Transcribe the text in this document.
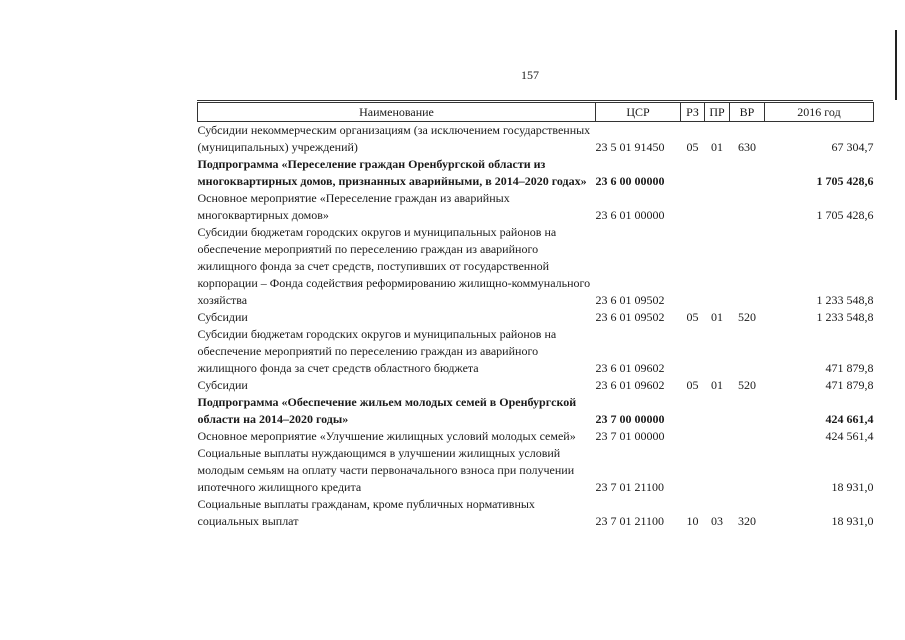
157
Наименование	ЦСР	РЗ	ПР	ВР	2016 год
Субсидии некоммерческим организациям (за исключением государственных (муниципальных) учреждений)	23 5 01 91450	05	01	630	67 304,7
Подпрограмма «Переселение граждан Оренбургской области из многоквартирных домов, признанных аварийными, в 2014–2020 годах»	23 6 00 00000				1 705 428,6
Основное мероприятие «Переселение граждан из аварийных многоквартирных домов»	23 6 01 00000				1 705 428,6
Субсидии бюджетам городских округов и муниципальных районов на обеспечение мероприятий по переселению граждан из аварийного жилищного фонда за счет средств, поступивших от государственной корпорации – Фонда содействия реформированию жилищно-коммунального хозяйства	23 6 01 09502				1 233 548,8
Субсидии	23 6 01 09502	05	01	520	1 233 548,8
Субсидии бюджетам городских округов и муниципальных районов на обеспечение мероприятий по переселению граждан из аварийного жилищного фонда за счет средств областного бюджета	23 6 01 09602				471 879,8
Субсидии	23 6 01 09602	05	01	520	471 879,8
Подпрограмма «Обеспечение жильем молодых семей в Оренбургской области на 2014–2020 годы»	23 7 00 00000				424 661,4
Основное мероприятие «Улучшение жилищных условий молодых семей»	23 7 01 00000				424 561,4
Социальные выплаты нуждающимся в улучшении жилищных условий молодым семьям на оплату части первоначального взноса при получении ипотечного жилищного кредита	23 7 01 21100				18 931,0
Социальные выплаты гражданам, кроме публичных нормативных социальных выплат	23 7 01 21100	10	03	320	18 931,0
